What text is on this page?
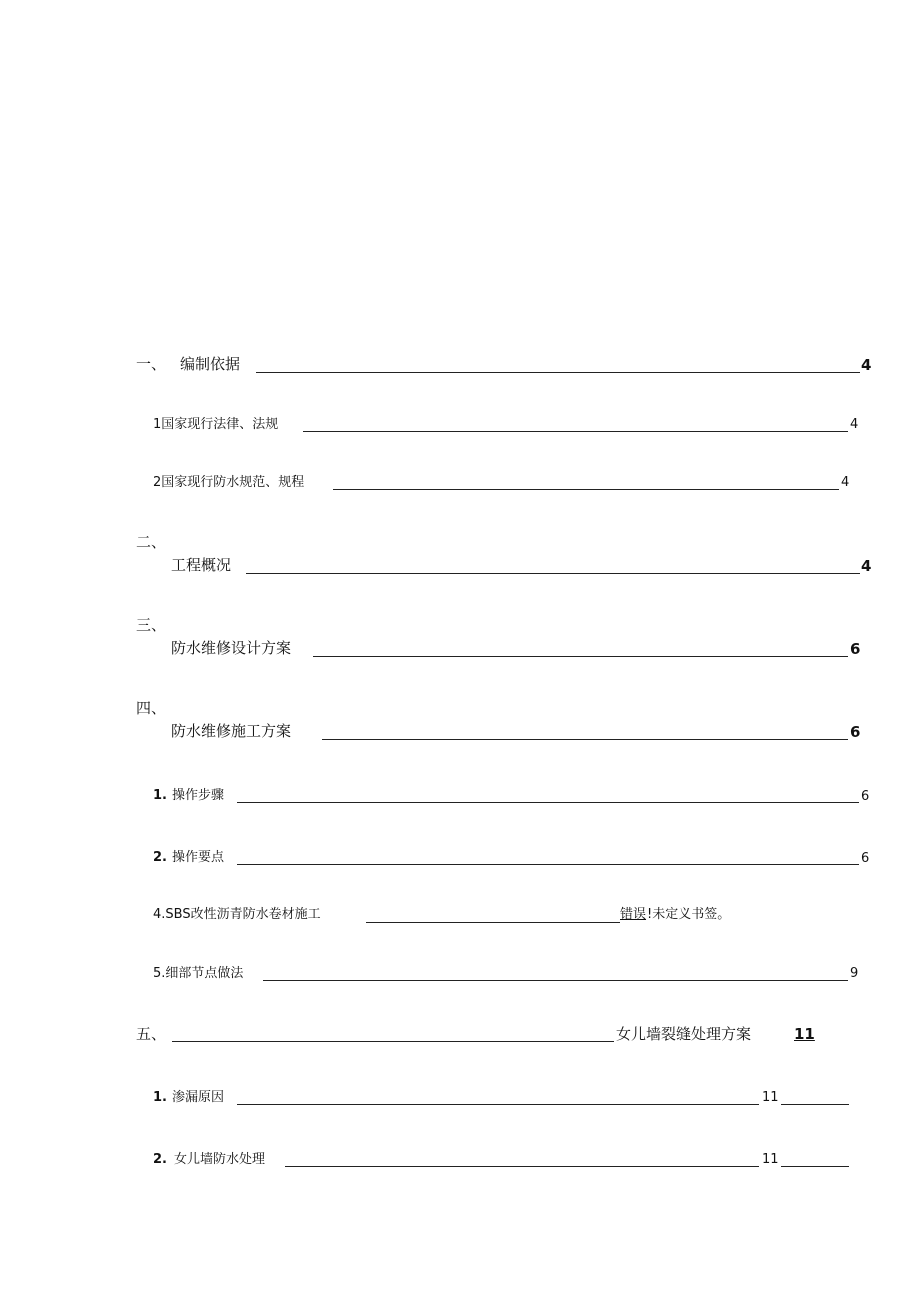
一、 编制依据	4
1国家现行法律、法规	4
2国家现行防水规范、规程	4
二、
工程概况	4
三、
防水维修设计方案	6
四、
防水维修施工方案	6
1. 操作步骤	6
2. 操作要点	6
4.SBS改性沥青防水卷材施工	错误 !未定义书签。
5.细部节点做法	9
五、	女儿墙裂缝处理方案	11
1. 渗漏原因	11
2. 女儿墙防水处理	11
